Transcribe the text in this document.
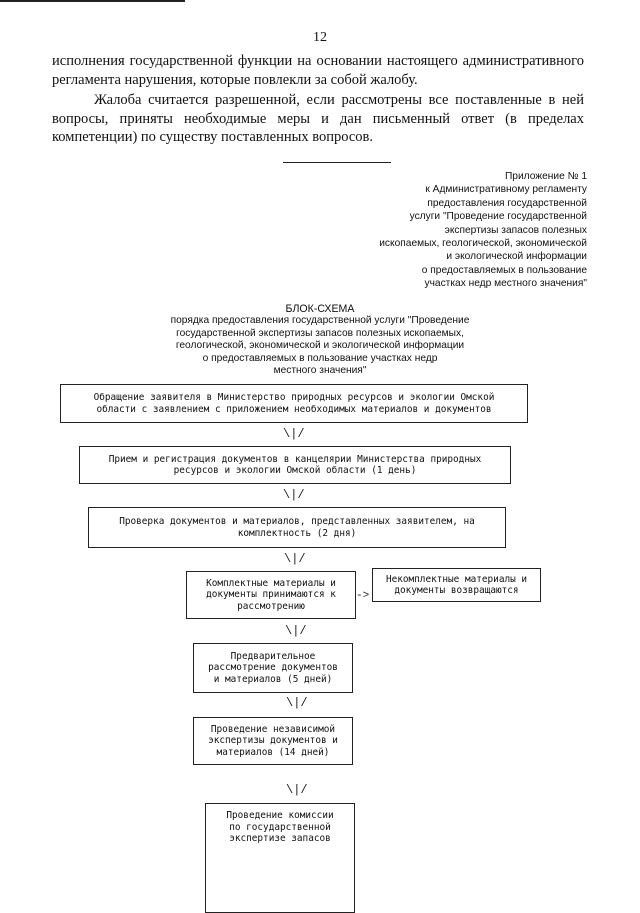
12

исполнения государственной функции на основании настоящего административного регламента нарушения, которые повлекли за собой жалобу.

Жалоба считается разрешенной, если рассмотрены все поставленные в ней вопросы, приняты необходимые меры и дан письменный ответ (в пределах компетенции) по существу поставленных вопросов.

Приложение № 1
к Административному регламенту
предоставления государственной
услуги "Проведение государственной
экспертизы запасов полезных
ископаемых, геологической, экономической
и экологической информации
о предоставляемых в пользование
участках недр местного значения"
БЛОК-СХЕМА
порядка предоставления государственной услуги "Проведение
государственной экспертизы запасов полезных ископаемых,
геологической, экономической и экологической информации
о предоставляемых в пользование участках недр
местного значения"
Обращение заявителя в Министерство природных ресурсов и экологии Омской
области с заявлением с приложением необходимых материалов и документов
\|/
Прием и регистрация документов в канцелярии Министерства природных
ресурсов и экологии Омской области (1 день)
\|/
Проверка документов и материалов, представленных заявителем, на
комплектность (2 дня)
\|/
Комплектные материалы и
документы принимаются к
рассмотрению
->
Некомплектные материалы и
документы возвращаются
\|/
Предварительное
рассмотрение документов
и материалов (5 дней)
\|/
Проведение независимой
экспертизы документов и
материалов (14 дней)
\|/
Проведение комиссии
по государственной
экспертизе запасов
